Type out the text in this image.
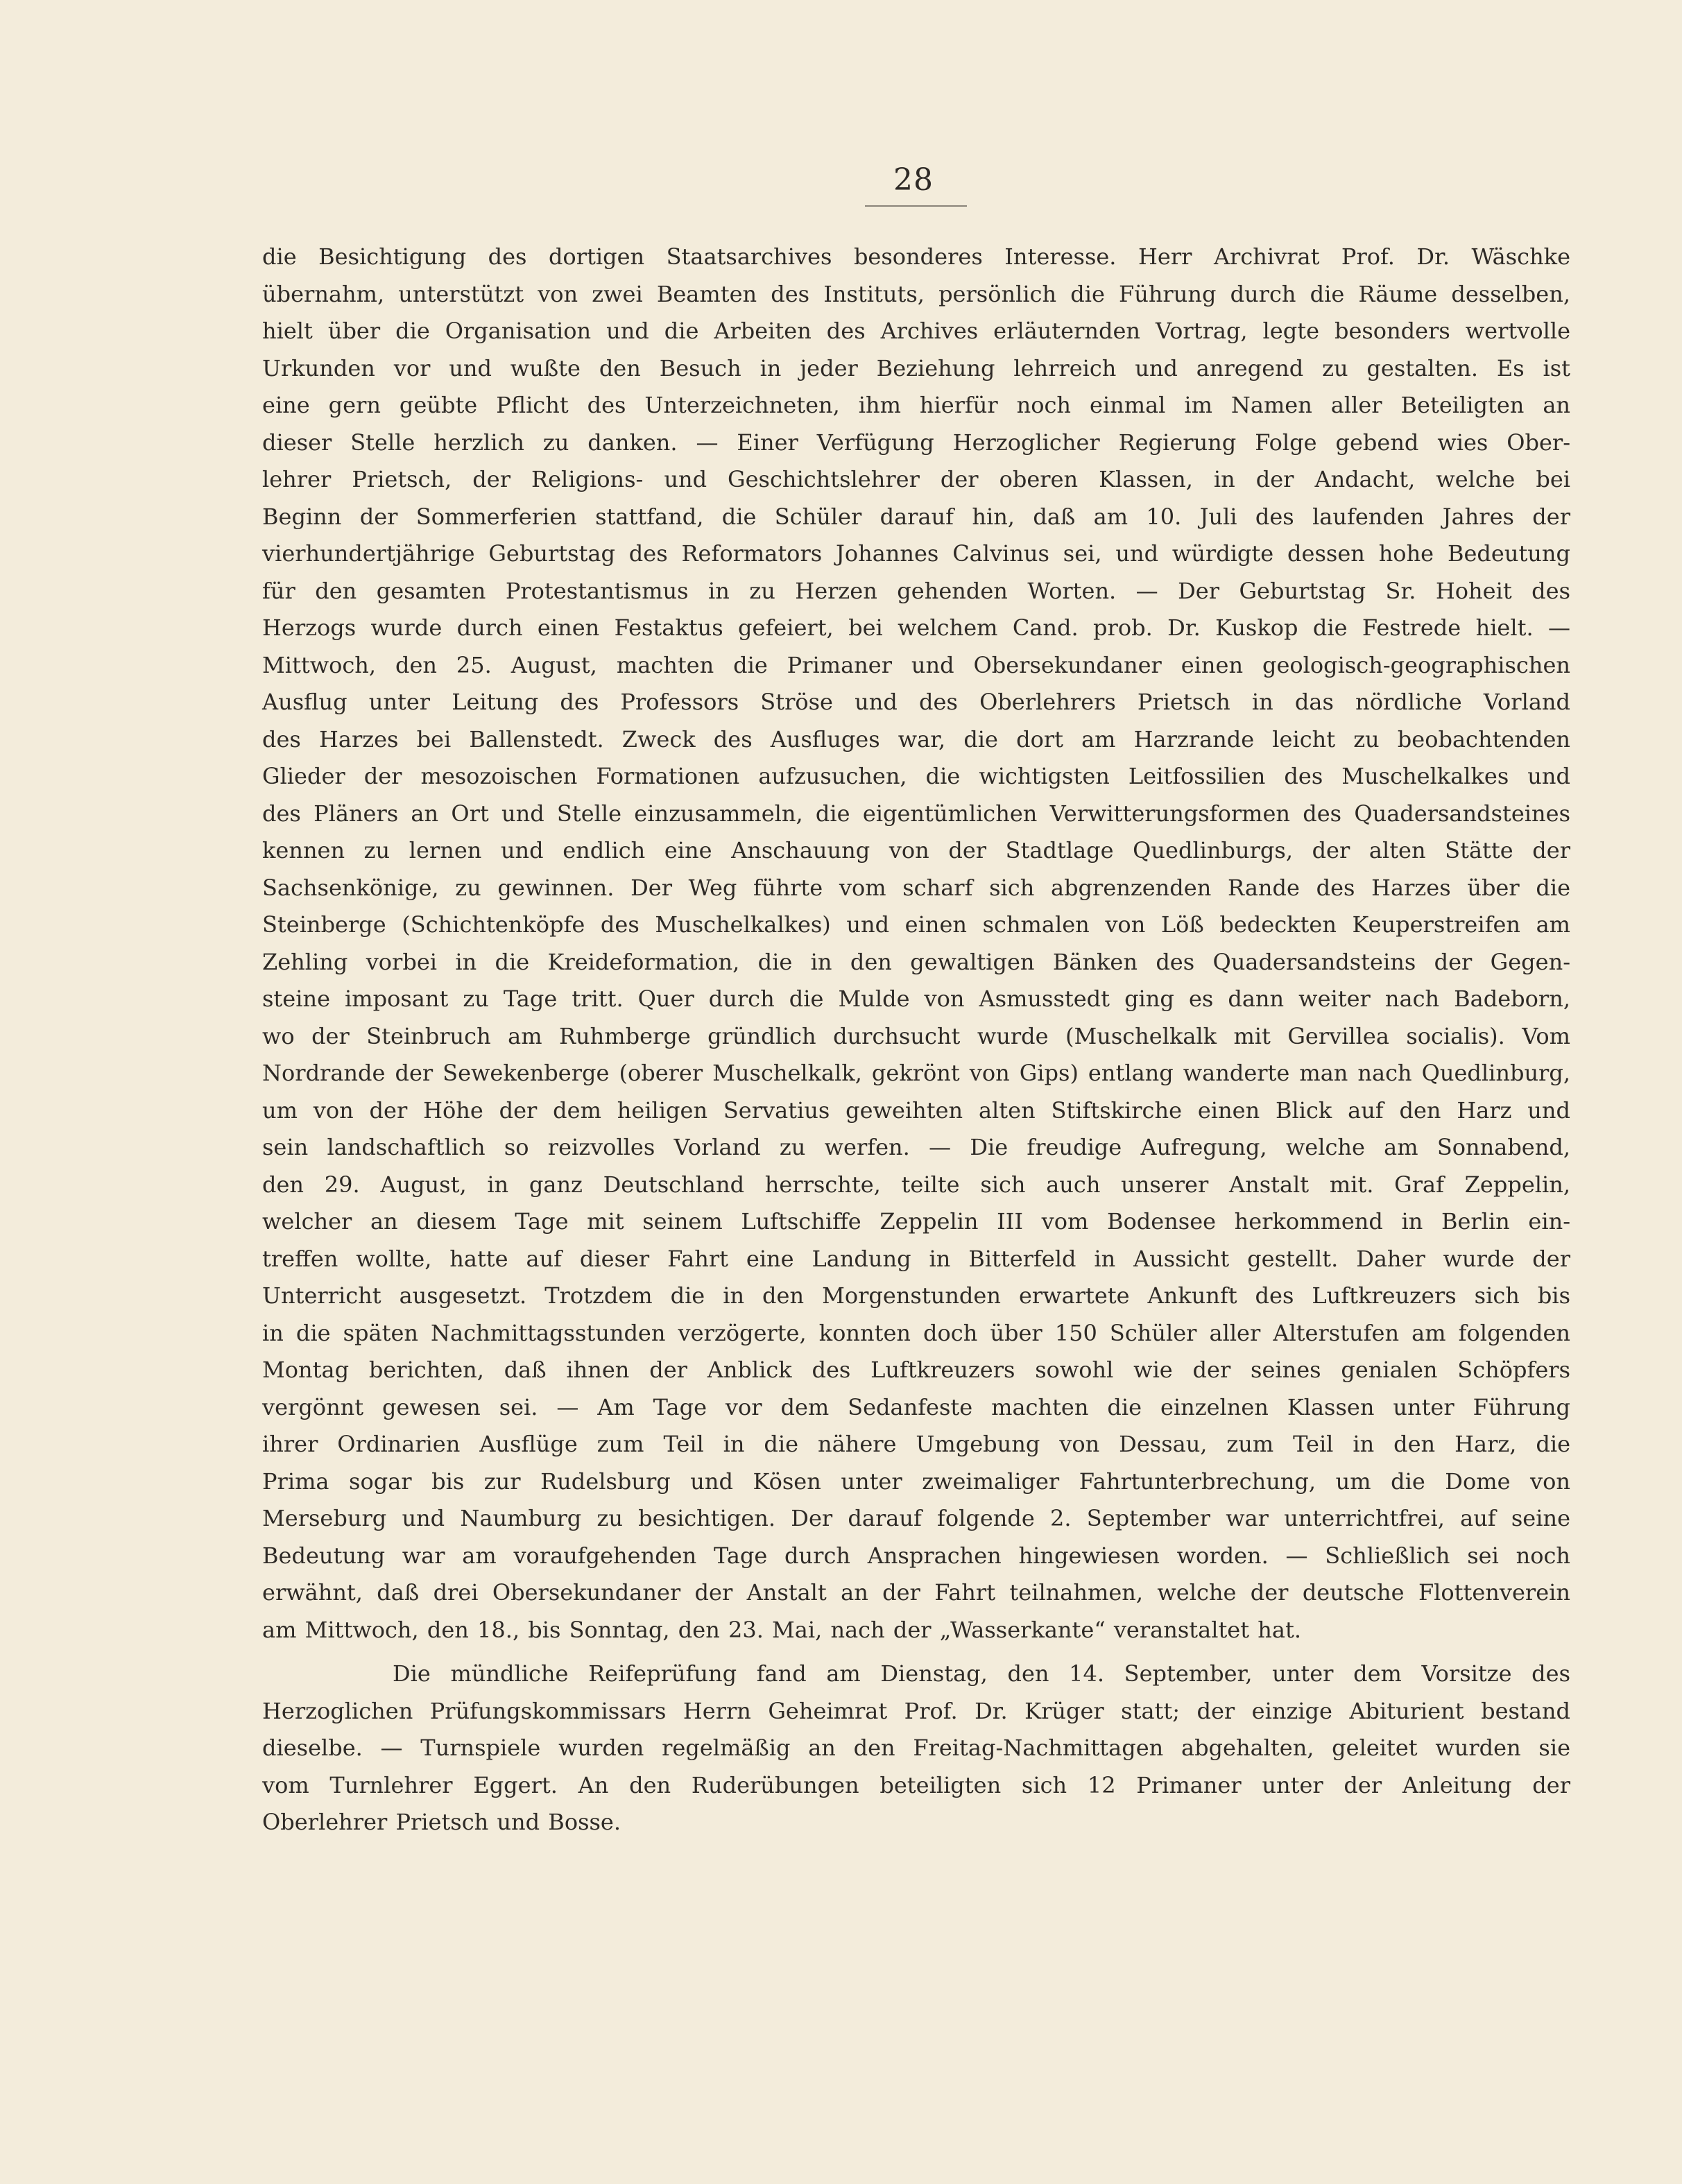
28
die Besichtigung des dortigen Staatsarchives besonderes Interesse. Herr Archivrat Prof. Dr. Wäschke
übernahm, unterstützt von zwei Beamten des Instituts, persönlich die Führung durch die Räume desselben,
hielt über die Organisation und die Arbeiten des Archives erläuternden Vortrag, legte besonders wertvolle
Urkunden vor und wußte den Besuch in jeder Beziehung lehrreich und anregend zu gestalten. Es ist
eine gern geübte Pflicht des Unterzeichneten, ihm hierfür noch einmal im Namen aller Beteiligten an
dieser Stelle herzlich zu danken. — Einer Verfügung Herzoglicher Regierung Folge gebend wies Ober-
lehrer Prietsch, der Religions- und Geschichtslehrer der oberen Klassen, in der Andacht, welche bei
Beginn der Sommerferien stattfand, die Schüler darauf hin, daß am 10. Juli des laufenden Jahres der
vierhundertjährige Geburtstag des Reformators Johannes Calvinus sei, und würdigte dessen hohe Bedeutung
für den gesamten Protestantismus in zu Herzen gehenden Worten. — Der Geburtstag Sr. Hoheit des
Herzogs wurde durch einen Festaktus gefeiert, bei welchem Cand. prob. Dr. Kuskop die Festrede hielt. —
Mittwoch, den 25. August, machten die Primaner und Obersekundaner einen geologisch-geographischen
Ausflug unter Leitung des Professors Ströse und des Oberlehrers Prietsch in das nördliche Vorland
des Harzes bei Ballenstedt. Zweck des Ausfluges war, die dort am Harzrande leicht zu beobachtenden
Glieder der mesozoischen Formationen aufzusuchen, die wichtigsten Leitfossilien des Muschelkalkes und
des Pläners an Ort und Stelle einzusammeln, die eigentümlichen Verwitterungsformen des Quadersandsteines
kennen zu lernen und endlich eine Anschauung von der Stadtlage Quedlinburgs, der alten Stätte der
Sachsenkönige, zu gewinnen. Der Weg führte vom scharf sich abgrenzenden Rande des Harzes über die
Steinberge (Schichtenköpfe des Muschelkalkes) und einen schmalen von Löß bedeckten Keuperstreifen am
Zehling vorbei in die Kreideformation, die in den gewaltigen Bänken des Quadersandsteins der Gegen-
steine imposant zu Tage tritt. Quer durch die Mulde von Asmusstedt ging es dann weiter nach Badeborn,
wo der Steinbruch am Ruhmberge gründlich durchsucht wurde (Muschelkalk mit Gervillea socialis). Vom
Nordrande der Sewekenberge (oberer Muschelkalk, gekrönt von Gips) entlang wanderte man nach Quedlinburg,
um von der Höhe der dem heiligen Servatius geweihten alten Stiftskirche einen Blick auf den Harz und
sein landschaftlich so reizvolles Vorland zu werfen. — Die freudige Aufregung, welche am Sonnabend,
den 29. August, in ganz Deutschland herrschte, teilte sich auch unserer Anstalt mit. Graf Zeppelin,
welcher an diesem Tage mit seinem Luftschiffe Zeppelin III vom Bodensee herkommend in Berlin ein-
treffen wollte, hatte auf dieser Fahrt eine Landung in Bitterfeld in Aussicht gestellt. Daher wurde der
Unterricht ausgesetzt. Trotzdem die in den Morgenstunden erwartete Ankunft des Luftkreuzers sich bis
in die späten Nachmittagsstunden verzögerte, konnten doch über 150 Schüler aller Alterstufen am folgenden
Montag berichten, daß ihnen der Anblick des Luftkreuzers sowohl wie der seines genialen Schöpfers
vergönnt gewesen sei. — Am Tage vor dem Sedanfeste machten die einzelnen Klassen unter Führung
ihrer Ordinarien Ausflüge zum Teil in die nähere Umgebung von Dessau, zum Teil in den Harz, die
Prima sogar bis zur Rudelsburg und Kösen unter zweimaliger Fahrtunterbrechung, um die Dome von
Merseburg und Naumburg zu besichtigen. Der darauf folgende 2. September war unterrichtfrei, auf seine
Bedeutung war am voraufgehenden Tage durch Ansprachen hingewiesen worden. — Schließlich sei noch
erwähnt, daß drei Obersekundaner der Anstalt an der Fahrt teilnahmen, welche der deutsche Flottenverein
am Mittwoch, den 18., bis Sonntag, den 23. Mai, nach der „Wasserkante“ veranstaltet hat.
Die mündliche Reifeprüfung fand am Dienstag, den 14. September, unter dem Vorsitze des
Herzoglichen Prüfungskommissars Herrn Geheimrat Prof. Dr. Krüger statt; der einzige Abiturient bestand
dieselbe. — Turnspiele wurden regelmäßig an den Freitag-Nachmittagen abgehalten, geleitet wurden sie
vom Turnlehrer Eggert. An den Ruderübungen beteiligten sich 12 Primaner unter der Anleitung der
Oberlehrer Prietsch und Bosse.
